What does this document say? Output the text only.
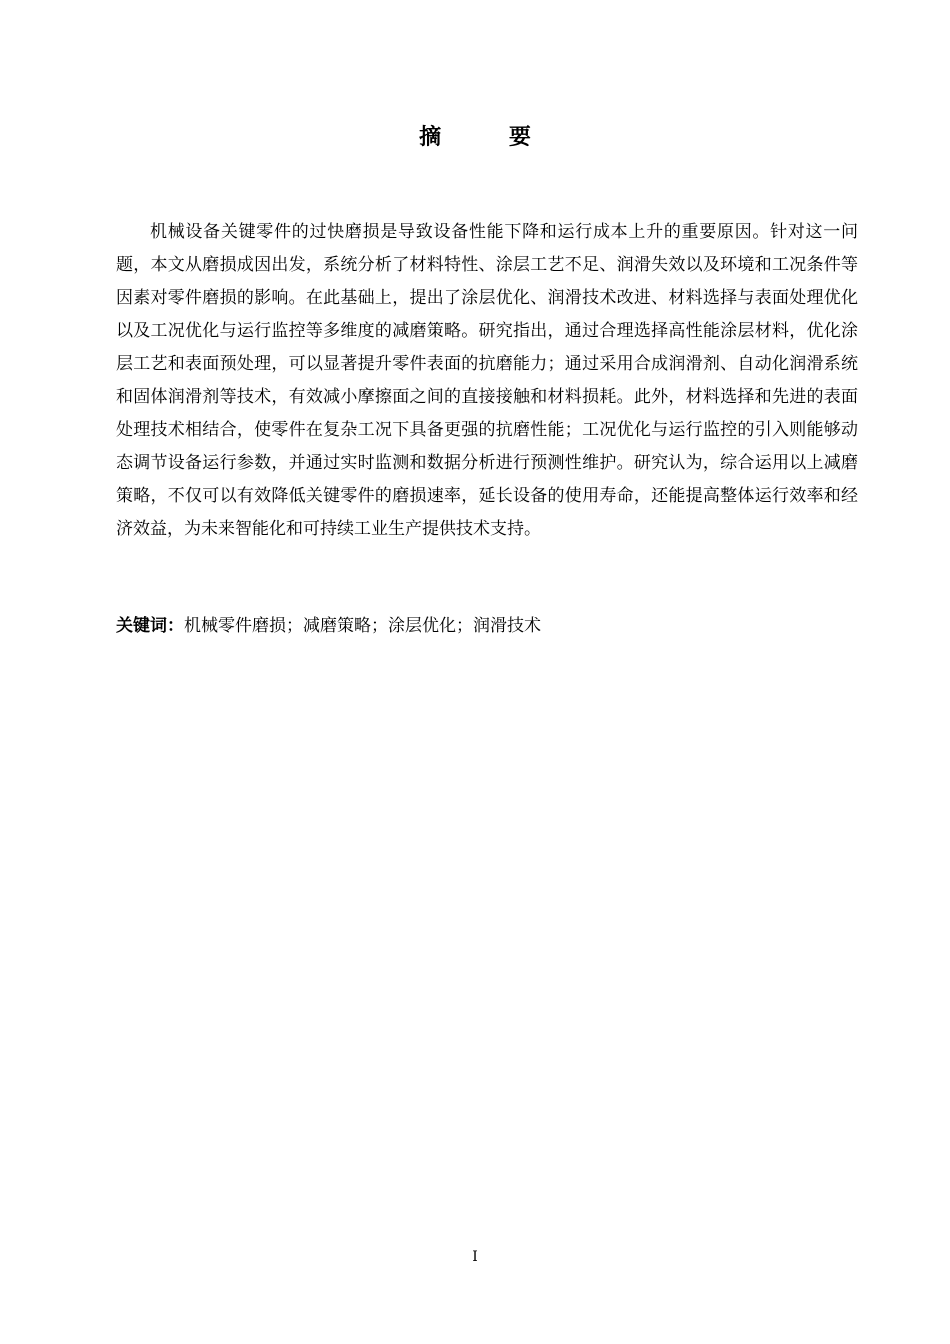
摘 要

机械设备关键零件的过快磨损是导致设备性能下降和运行成本上升的重要原因。针对这一问题，本文从磨损成因出发，系统分析了材料特性、涂层工艺不足、润滑失效以及环境和工况条件等因素对零件磨损的影响。在此基础上，提出了涂层优化、润滑技术改进、材料选择与表面处理优化以及工况优化与运行监控等多维度的减磨策略。研究指出，通过合理选择高性能涂层材料，优化涂层工艺和表面预处理，可以显著提升零件表面的抗磨能力；通过采用合成润滑剂、自动化润滑系统和固体润滑剂等技术，有效减小摩擦面之间的直接接触和材料损耗。此外，材料选择和先进的表面处理技术相结合，使零件在复杂工况下具备更强的抗磨性能；工况优化与运行监控的引入则能够动态调节设备运行参数，并通过实时监测和数据分析进行预测性维护。研究认为，综合运用以上减磨策略，不仅可以有效降低关键零件的磨损速率，延长设备的使用寿命，还能提高整体运行效率和经济效益，为未来智能化和可持续工业生产提供技术支持。

关键词：机械零件磨损；减磨策略；涂层优化；润滑技术

I
